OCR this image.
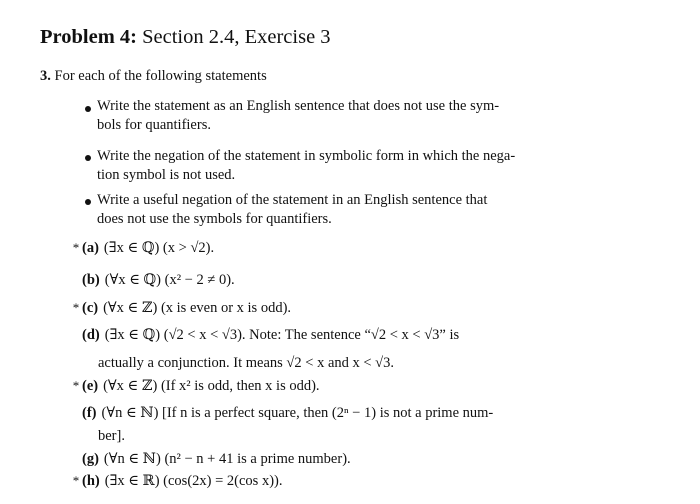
Problem 4: Section 2.4, Exercise 3
3. For each of the following statements
Write the statement as an English sentence that does not use the sym-
bols for quantifiers.
Write the negation of the statement in symbolic form in which the nega-
tion symbol is not used.
Write a useful negation of the statement in an English sentence that
does not use the symbols for quantifiers.
* (a) (∃x ∈ ℚ) (x > √2).
(b) (∀x ∈ ℚ) (x² − 2 ≠ 0).
* (c) (∀x ∈ ℤ) (x is even or x is odd).
(d) (∃x ∈ ℚ) (√2 < x < √3). Note: The sentence “√2 < x < √3” is
actually a conjunction. It means √2 < x and x < √3.
* (e) (∀x ∈ ℤ) (If x² is odd, then x is odd).
(f) (∀n ∈ ℕ) [If n is a perfect square, then (2ⁿ − 1) is not a prime num-
ber].
(g) (∀n ∈ ℕ) (n² − n + 41 is a prime number).
* (h) (∃x ∈ ℝ) (cos(2x) = 2(cos x)).
